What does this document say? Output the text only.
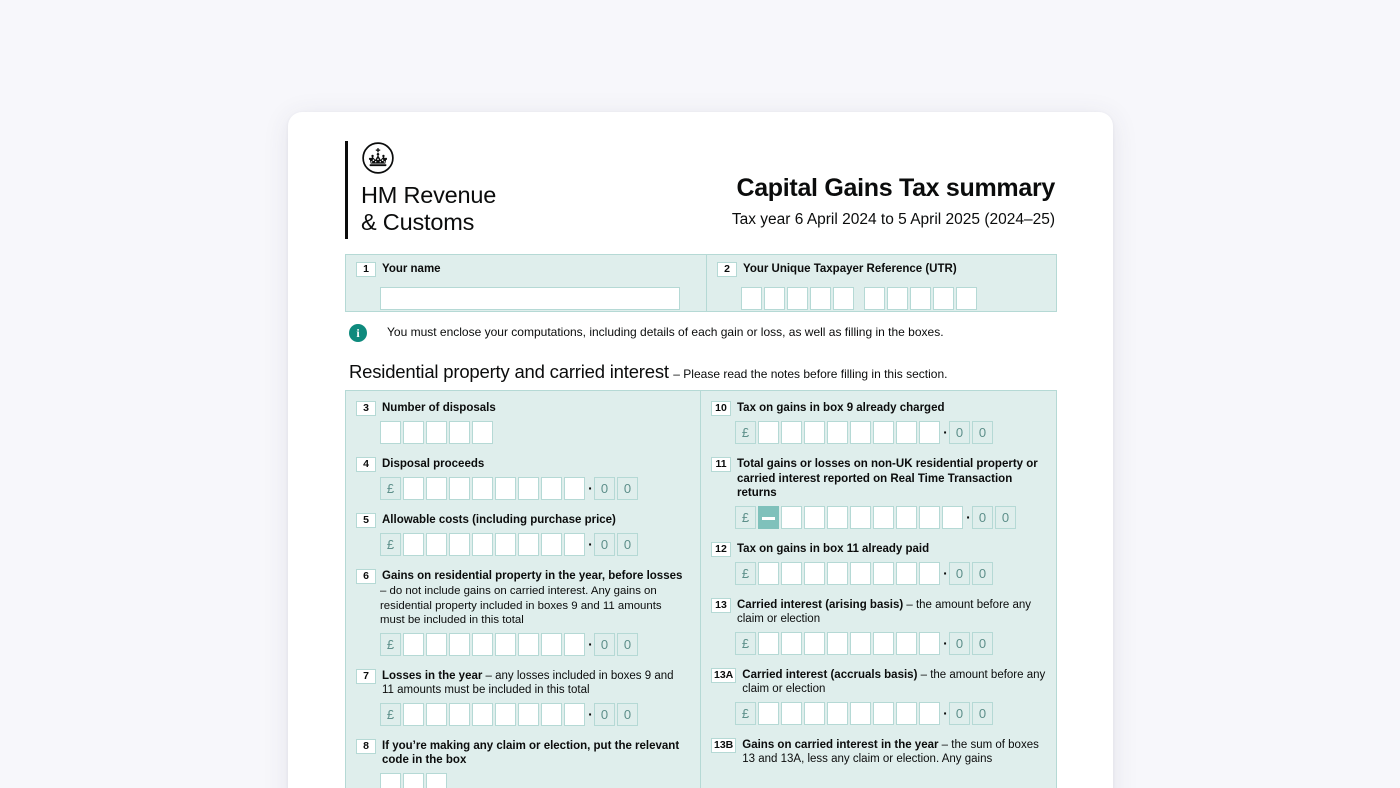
HM Revenue
& Customs
Capital Gains Tax summary
Tax year 6 April 2024 to 5 April 2025 (2024–25)
1 Your name	2 Your Unique Taxpayer Reference (UTR)
i	You must enclose your computations, including details of each gain or loss, as well as filling in the boxes.
Residential property and carried interest – Please read the notes before filling in this section.
3	Number of disposals
4	Disposal proceeds
£	· 0	0
5	Allowable costs (including purchase price)
£	· 0	0
6	Gains on residential property in the year, before losses
– do not include gains on carried interest. Any gains on residential property included in boxes 9 and 11 amounts must be included in this total
£	· 0	0
7	Losses in the year – any losses included in boxes 9 and 11 amounts must be included in this total
£	· 0	0
8	If you’re making any claim or election, put the relevant code in the box
10 Tax on gains in box 9 already charged
£	· 0	0
11 Total gains or losses on non-UK residential property or carried interest reported on Real Time Transaction returns
£	· 0	0
12 Tax on gains in box 11 already paid
£	· 0	0
13 Carried interest (arising basis) – the amount before any claim or election
£	· 0	0
13A Carried interest (accruals basis) – the amount before any claim or election
£	· 0	0
13B Gains on carried interest in the year – the sum of boxes 13 and 13A, less any claim or election. Any gains
